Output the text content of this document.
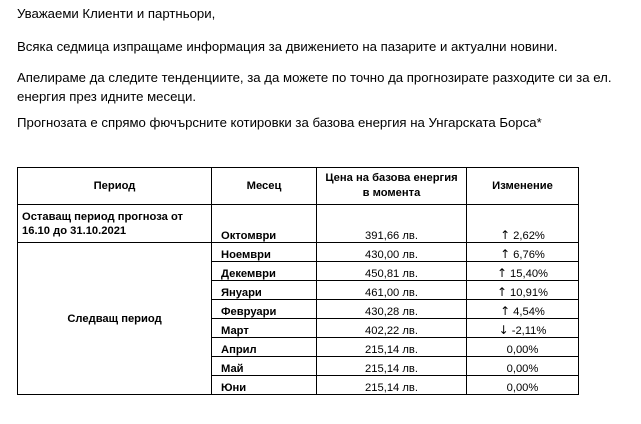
Уважаеми Клиенти и партньори,

Всяка седмица изпращаме информация за движението на пазарите и актуални новини.

Апелираме да следите тенденциите, за да можете по точно да прогнозирате разходите си за ел.
енергия през идните месеци.

Прогнозата е спрямо фючърсните котировки за базова енергия на Унгарската Борса*

Период	Месец	Цена на базова енергия в момента	Изменение
Оставащ период прогноза от 16.10 до 31.10.2021	Октомври	391,66 лв.	↑ 2,62%
Следващ период	Ноември	430,00 лв.	↑ 6,76%
	Декември	450,81 лв.	↑ 15,40%
	Януари	461,00 лв.	↑ 10,91%
	Февруари	430,28 лв.	↑ 4,54%
	Март	402,22 лв.	↓ -2,11%
	Април	215,14 лв.	0,00%
	Май	215,14 лв.	0,00%
	Юни	215,14 лв.	0,00%
